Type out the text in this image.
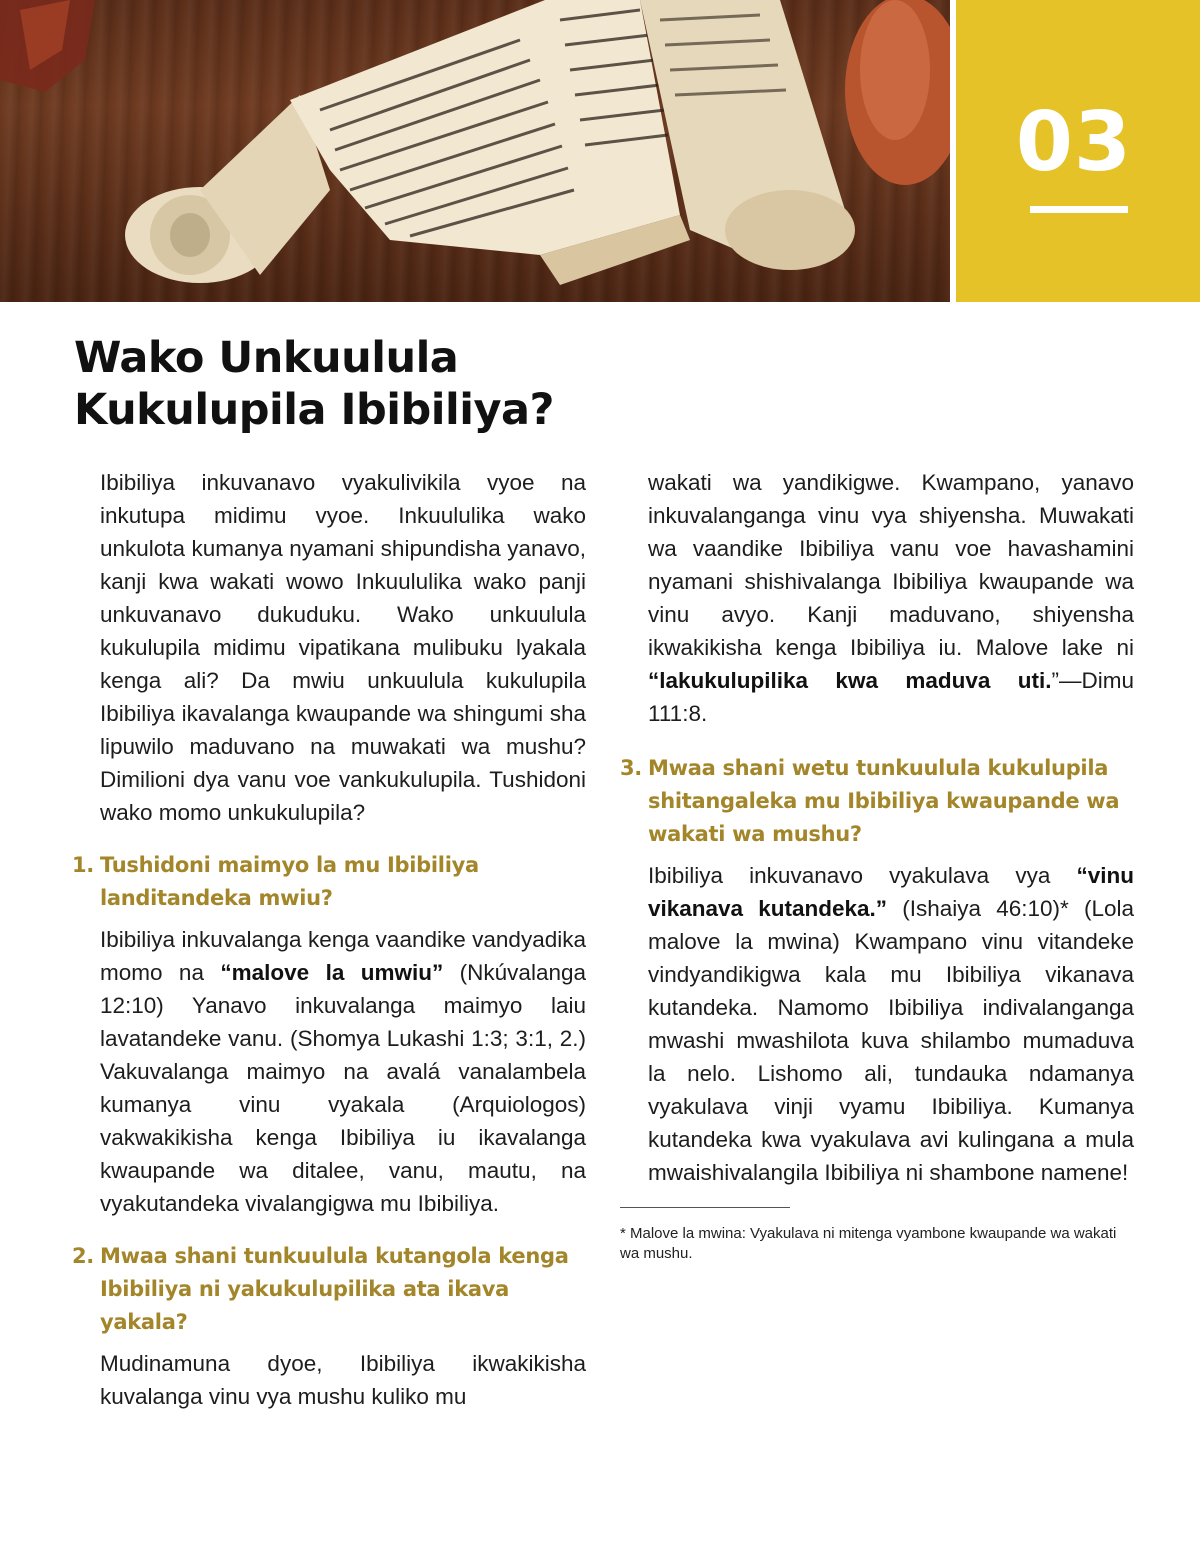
03
Wako Unkuulula
Kukulupila Ibibiliya?

Ibibiliya inkuvanavo vyakulivikila vyoe na inkutupa midimu vyoe. Inkuululika wako unkulota kumanya nyamani shipundisha yanavo, kanji kwa wakati wowo Inkuululika wako panji unkuvanavo dukuduku. Wako unkuulula kukulupila midimu vipatikana mulibuku lyakala kenga ali? Da mwiu unkuulula kukulupila Ibibiliya ikavalanga kwaupande wa shingumi sha lipuwilo maduvano na muwakati wa mushu? Dimilioni dya vanu voe vankukulupila. Tushidoni wako momo unkukulupila?

1. Tushidoni maimyo la mu Ibibiliya landitandeka mwiu?

Ibibiliya inkuvalanga kenga vaandike vandyadika momo na “malove la umwiu” (Nkúvalanga 12:10) Yanavo inkuvalanga maimyo laiu lavatandeke vanu. (Shomya Lukashi 1:3; 3:1, 2.) Vakuvalanga maimyo na avalá vanalambela kumanya vinu vyakala (Arquiologos) vakwakikisha kenga Ibibiliya iu ikavalanga kwaupande wa ditalee, vanu, mautu, na vyakutandeka vivalangigwa mu Ibibiliya.

2. Mwaa shani tunkuulula kutangola kenga Ibibiliya ni yakukulupilika ata ikava yakala?

Mudinamuna dyoe, Ibibiliya ikwakikisha kuvalanga vinu vya mushu kuliko mu

wakati wa yandikigwe. Kwampano, yanavo inkuvalanganga vinu vya shiyensha. Muwakati wa vaandike Ibibiliya vanu voe havashamini nyamani shishivalanga Ibibiliya kwaupande wa vinu avyo. Kanji maduvano, shiyensha ikwakikisha kenga Ibibiliya iu. Malove lake ni “lakukulupilika kwa maduva uti.”—Dimu 111:8.

3. Mwaa shani wetu tunkuulula kukulupila shitangaleka mu Ibibiliya kwaupande wa wakati wa mushu?

Ibibiliya inkuvanavo vyakulava vya “vinu vikanava kutandeka.” (Ishaiya 46:10)* (Lola malove la mwina) Kwampano vinu vitandeke vindyandikigwa kala mu Ibibiliya vikanava kutandeka. Namomo Ibibiliya indivalanganga mwashi mwashilota kuva shilambo mumaduva la nelo. Lishomo ali, tundauka ndamanya vyakulava vinji vyamu Ibibiliya. Kumanya kutandeka kwa vyakulava avi kulingana a mula mwaishivalangila Ibibiliya ni shambone namene!

* Malove la mwina: Vyakulava ni mitenga vyambone kwaupande wa wakati wa mushu.
